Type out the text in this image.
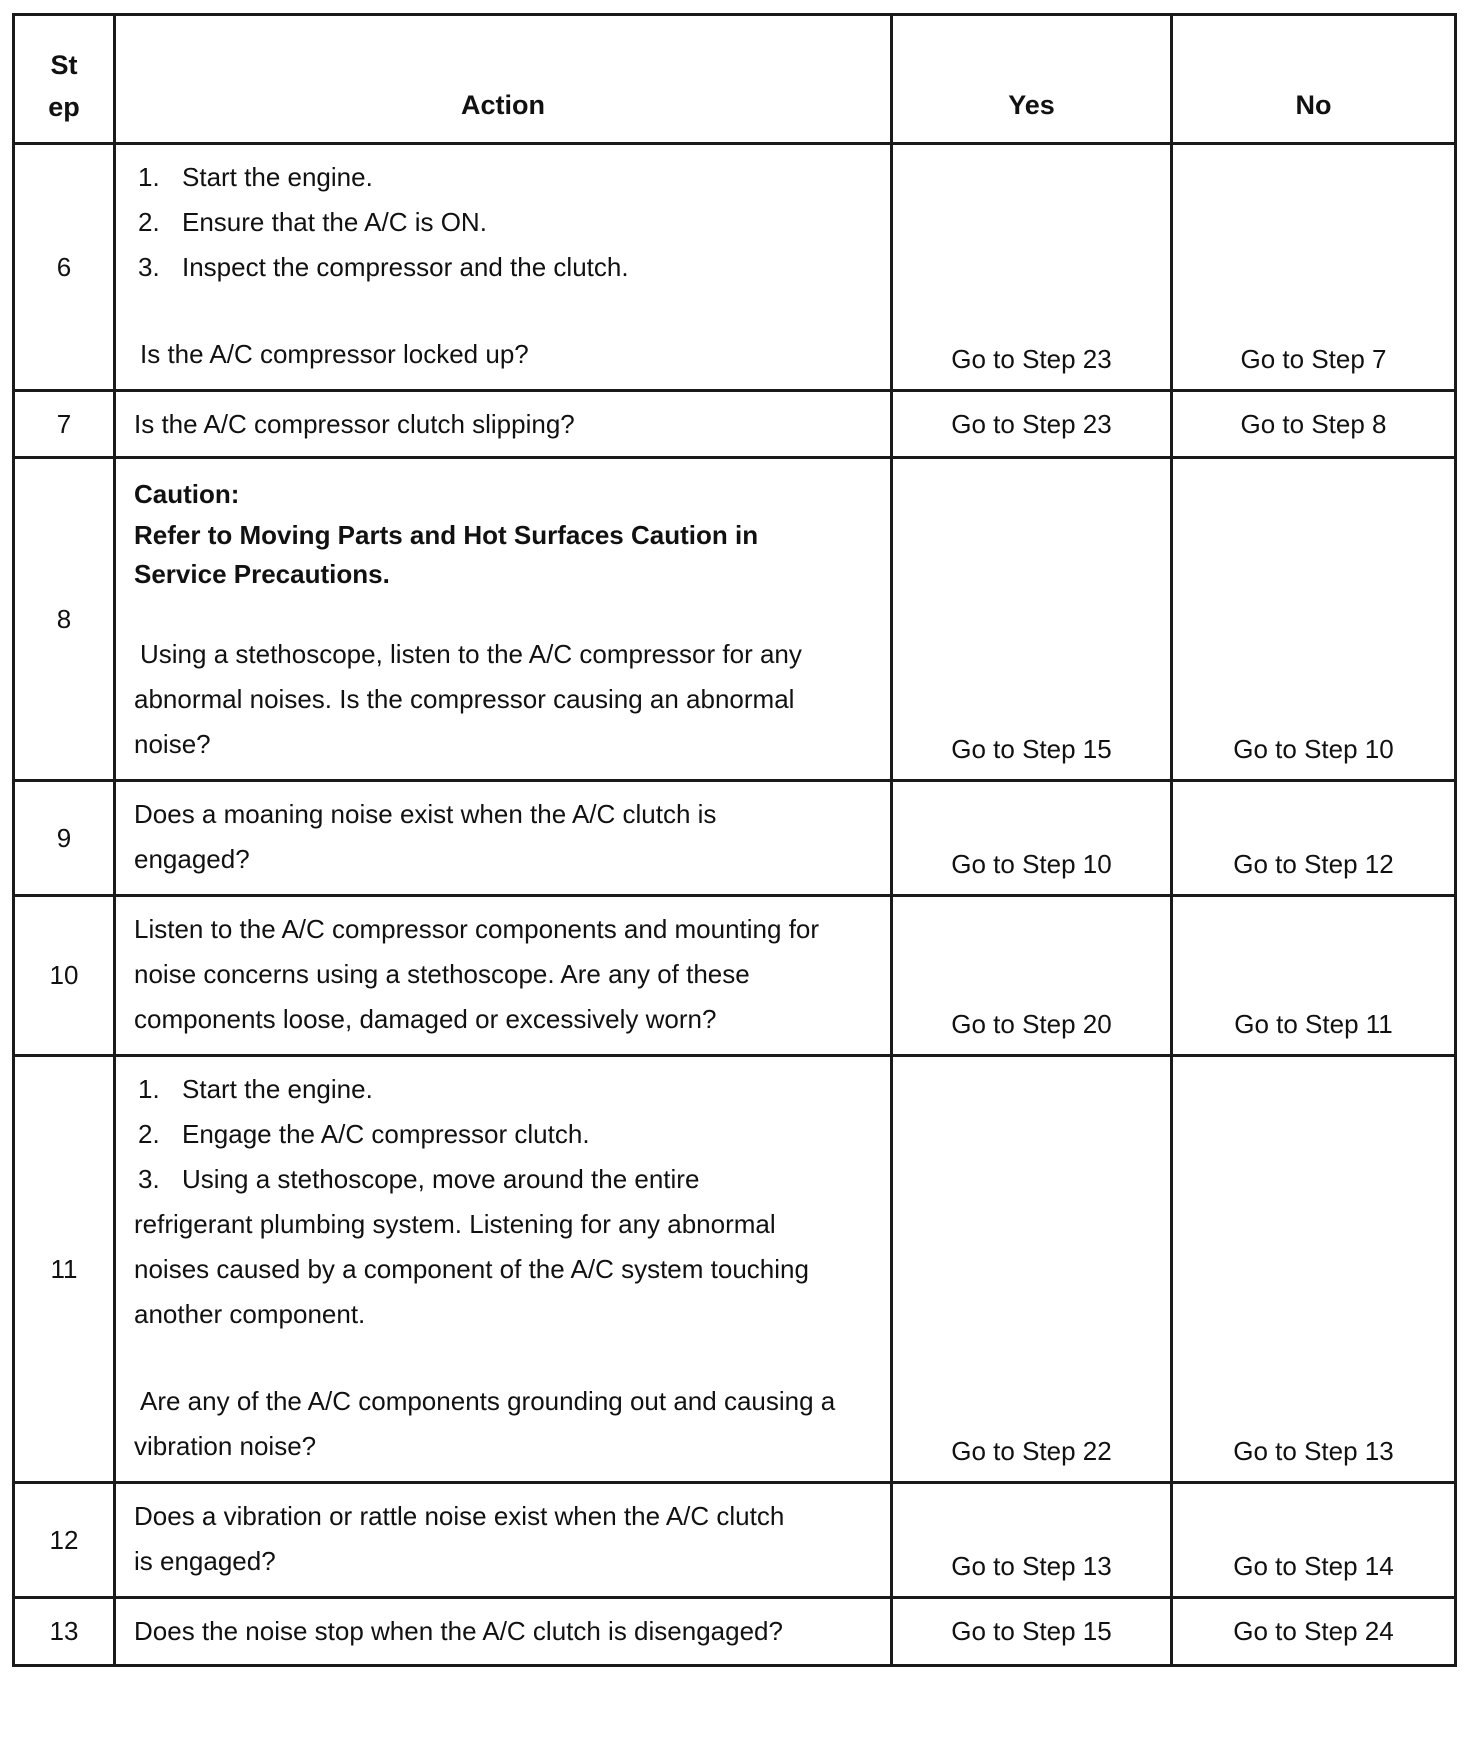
St
ep	Action	Yes	No
6	1. Start the engine.
2. Ensure that the A/C is ON.
3. Inspect the compressor and the clutch.
Is the A/C compressor locked up?	Go to Step 23	Go to Step 7
7	Is the A/C compressor clutch slipping?	Go to Step 23	Go to Step 8
8	Caution:
Refer to Moving Parts and Hot Surfaces Caution in Service Precautions.
Using a stethoscope, listen to the A/C compressor for any abnormal noises. Is the compressor causing an abnormal noise?	Go to Step 15	Go to Step 10
9	Does a moaning noise exist when the A/C clutch is engaged?	Go to Step 10	Go to Step 12
10	Listen to the A/C compressor components and mounting for noise concerns using a stethoscope. Are any of these components loose, damaged or excessively worn?	Go to Step 20	Go to Step 11
11	1. Start the engine.
2. Engage the A/C compressor clutch.
3. Using a stethoscope, move around the entire
refrigerant plumbing system. Listening for any abnormal noises caused by a component of the A/C system touching another component.
Are any of the A/C components grounding out and causing a vibration noise?	Go to Step 22	Go to Step 13
12	Does a vibration or rattle noise exist when the A/C clutch is engaged?	Go to Step 13	Go to Step 14
13	Does the noise stop when the A/C clutch is disengaged?	Go to Step 15	Go to Step 24
